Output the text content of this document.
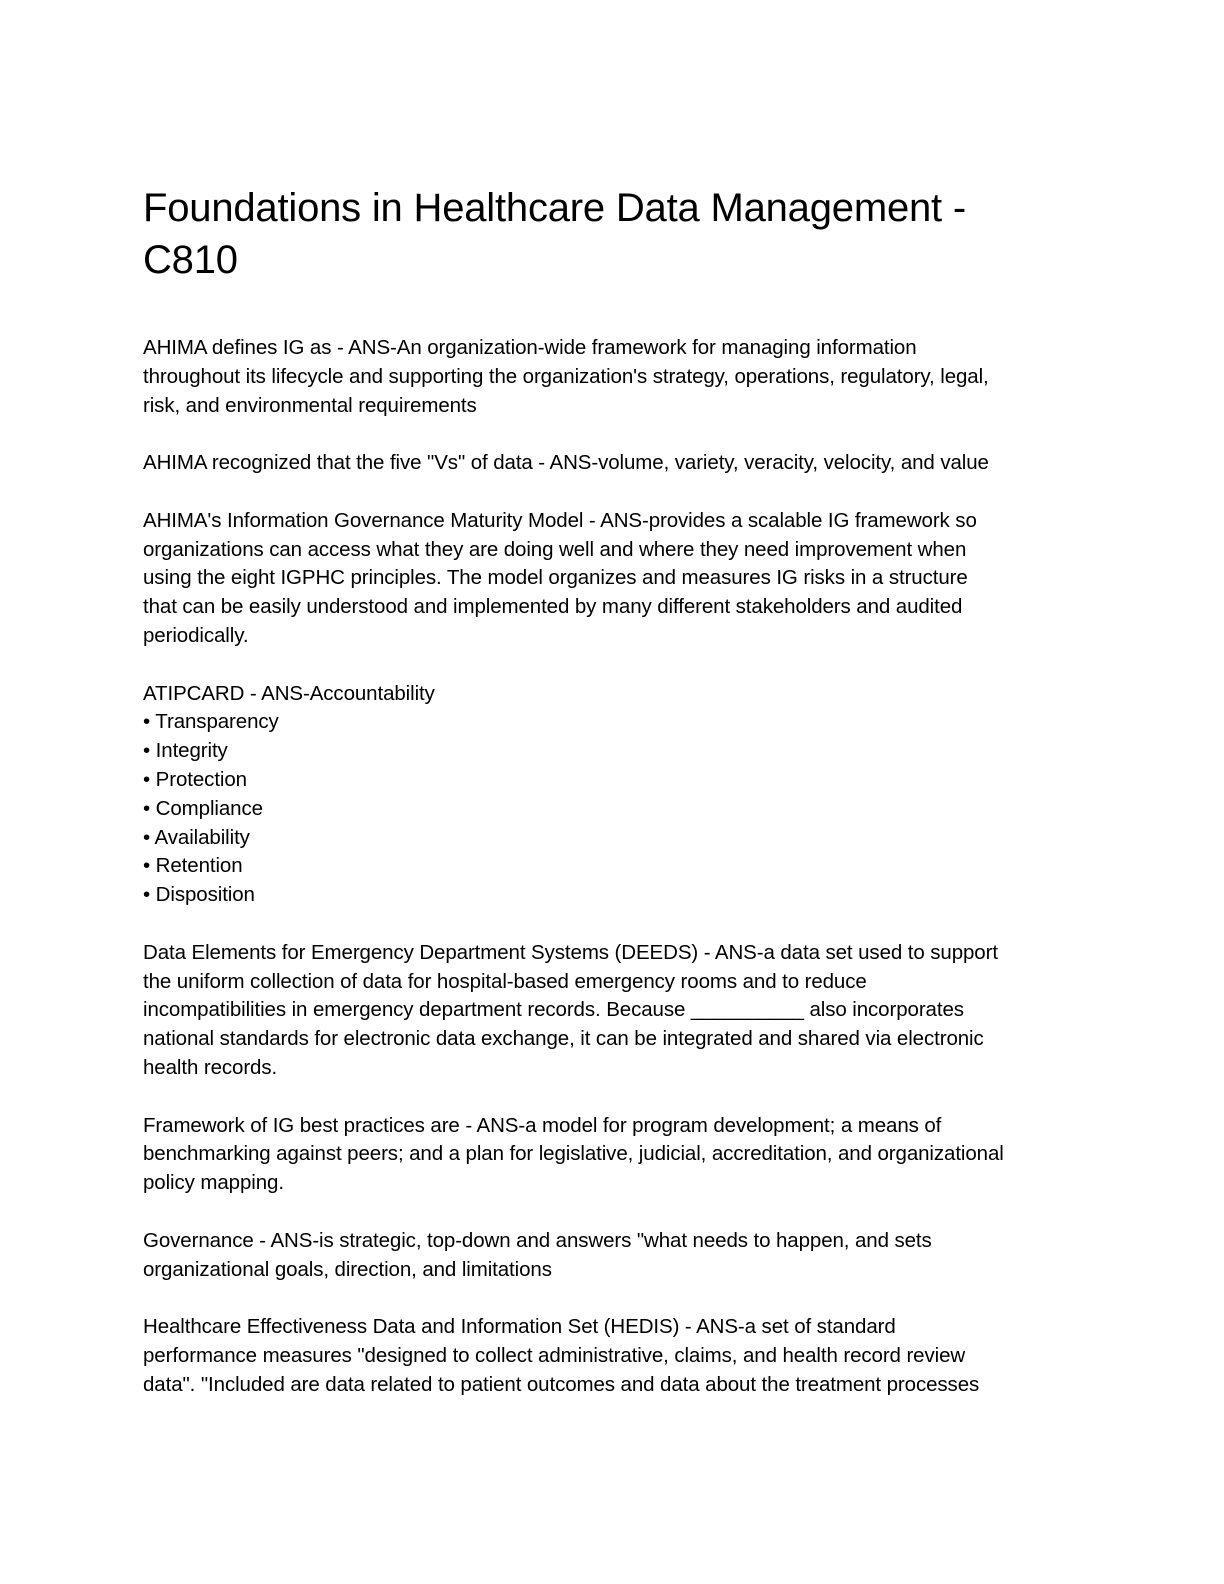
Foundations in Healthcare Data Management -
C810
AHIMA defines IG as - ANS-An organization-wide framework for managing information
throughout its lifecycle and supporting the organization's strategy, operations, regulatory, legal,
risk, and environmental requirements
AHIMA recognized that the five "Vs" of data - ANS-volume, variety, veracity, velocity, and value
AHIMA's Information Governance Maturity Model - ANS-provides a scalable IG framework so
organizations can access what they are doing well and where they need improvement when
using the eight IGPHC principles. The model organizes and measures IG risks in a structure
that can be easily understood and implemented by many different stakeholders and audited
periodically.
ATIPCARD - ANS-Accountability
• Transparency
• Integrity
• Protection
• Compliance
• Availability
• Retention
• Disposition
Data Elements for Emergency Department Systems (DEEDS) - ANS-a data set used to support
the uniform collection of data for hospital-based emergency rooms and to reduce
incompatibilities in emergency department records. Because __________ also incorporates
national standards for electronic data exchange, it can be integrated and shared via electronic
health records.
Framework of IG best practices are - ANS-a model for program development; a means of
benchmarking against peers; and a plan for legislative, judicial, accreditation, and organizational
policy mapping.
Governance - ANS-is strategic, top-down and answers "what needs to happen, and sets
organizational goals, direction, and limitations
Healthcare Effectiveness Data and Information Set (HEDIS) - ANS-a set of standard
performance measures "designed to collect administrative, claims, and health record review
data". "Included are data related to patient outcomes and data about the treatment processes
